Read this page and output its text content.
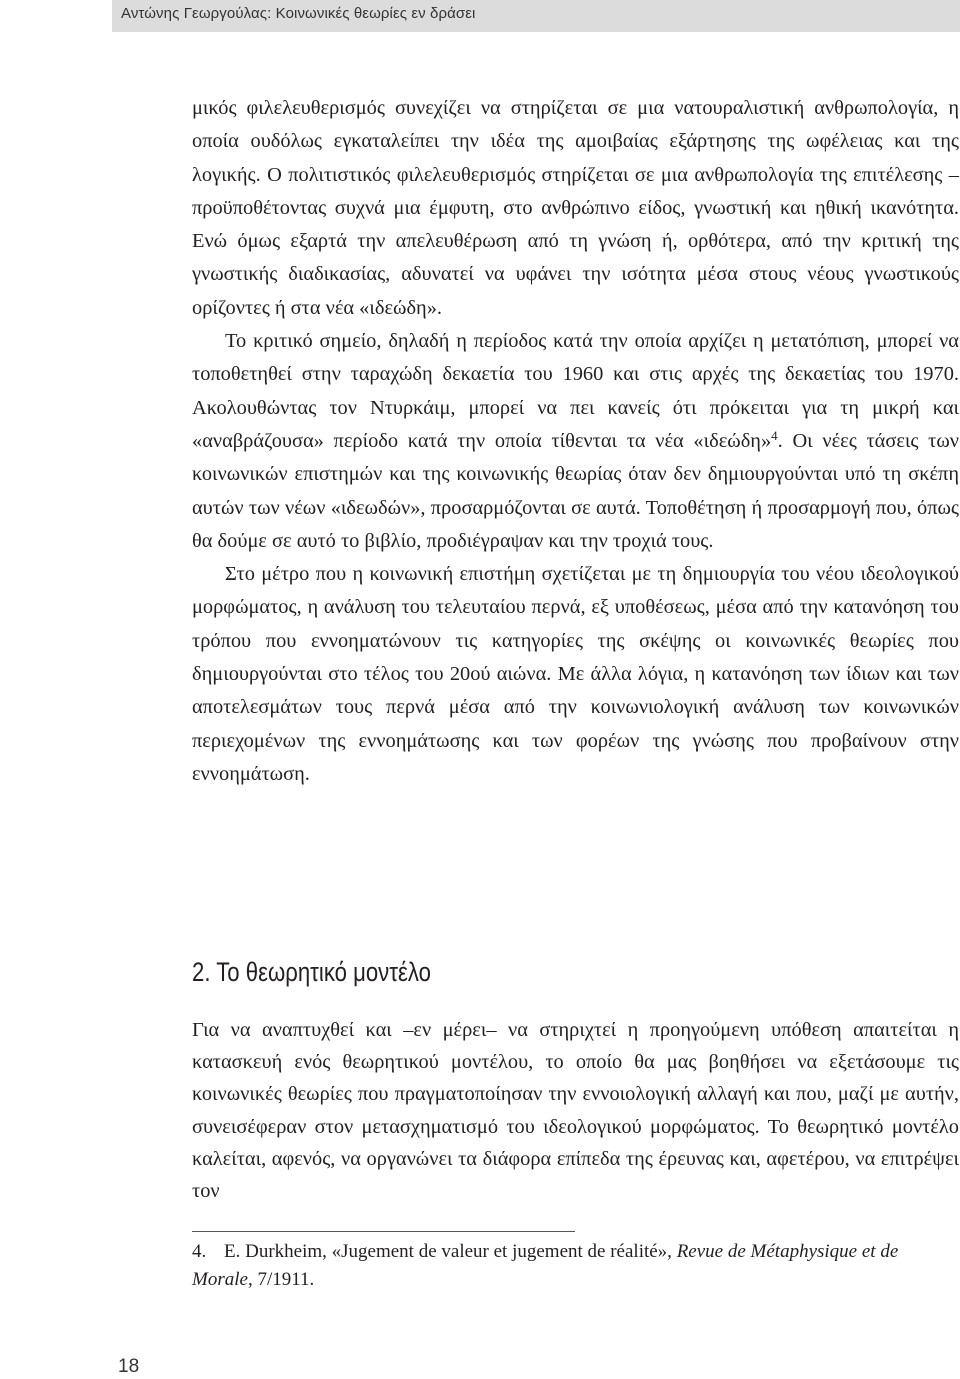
Αντώνης Γεωργούλας: Κοινωνικές θεωρίες εν δράσει

μικός φιλελευθερισμός συνεχίζει να στηρίζεται σε μια νατουραλιστική ανθρωπολογία, η οποία ουδόλως εγκαταλείπει την ιδέα της αμοιβαίας εξάρτησης της ωφέλειας και της λογικής. Ο πολιτιστικός φιλελευθερισμός στηρίζεται σε μια ανθρωπολογία της επιτέλεσης –προϋποθέτοντας συχνά μια έμφυτη, στο ανθρώπινο είδος, γνωστική και ηθική ικανότητα. Ενώ όμως εξαρτά την απελευθέρωση από τη γνώση ή, ορθότερα, από την κριτική της γνωστικής διαδικασίας, αδυνατεί να υφάνει την ισότητα μέσα στους νέους γνωστικούς ορίζοντες ή στα νέα «ιδεώδη».

Το κριτικό σημείο, δηλαδή η περίοδος κατά την οποία αρχίζει η μετατόπιση, μπορεί να τοποθετηθεί στην ταραχώδη δεκαετία του 1960 και στις αρχές της δεκαετίας του 1970. Ακολουθώντας τον Ντυρκάιμ, μπορεί να πει κανείς ότι πρόκειται για τη μικρή και «αναβράζουσα» περίοδο κατά την οποία τίθενται τα νέα «ιδεώδη»$^4$. Οι νέες τάσεις των κοινωνικών επιστημών και της κοινωνικής θεωρίας όταν δεν δημιουργούνται υπό τη σκέπη αυτών των νέων «ιδεωδών», προσαρμόζονται σε αυτά. Τοποθέτηση ή προσαρμογή που, όπως θα δούμε σε αυτό το βιβλίο, προδιέγραψαν και την τροχιά τους.

Στο μέτρο που η κοινωνική επιστήμη σχετίζεται με τη δημιουργία του νέου ιδεολογικού μορφώματος, η ανάλυση του τελευταίου περνά, εξ υποθέσεως, μέσα από την κατανόηση του τρόπου που εννοηματώνουν τις κατηγορίες της σκέψης οι κοινωνικές θεωρίες που δημιουργούνται στο τέλος του 20ού αιώνα. Με άλλα λόγια, η κατανόηση των ίδιων και των αποτελεσμάτων τους περνά μέσα από την κοινωνιολογική ανάλυση των κοινωνικών περιεχομένων της εννοημάτωσης και των φορέων της γνώσης που προβαίνουν στην εννοημάτωση.

2. Το θεωρητικό μοντέλο

Για να αναπτυχθεί και –εν μέρει– να στηριχτεί η προηγούμενη υπόθεση απαιτείται η κατασκευή ενός θεωρητικού μοντέλου, το οποίο θα μας βοηθήσει να εξετάσουμε τις κοινωνικές θεωρίες που πραγματοποίησαν την εννοιολογική αλλαγή και που, μαζί με αυτήν, συνεισέφεραν στον μετασχηματισμό του ιδεολογικού μορφώματος. Το θεωρητικό μοντέλο καλείται, αφενός, να οργανώνει τα διάφορα επίπεδα της έρευνας και, αφετέρου, να επιτρέψει τον

4. E. Durkheim, «Jugement de valeur et jugement de réalité», Revue de Métaphysique et de Morale, 7/1911.
18
